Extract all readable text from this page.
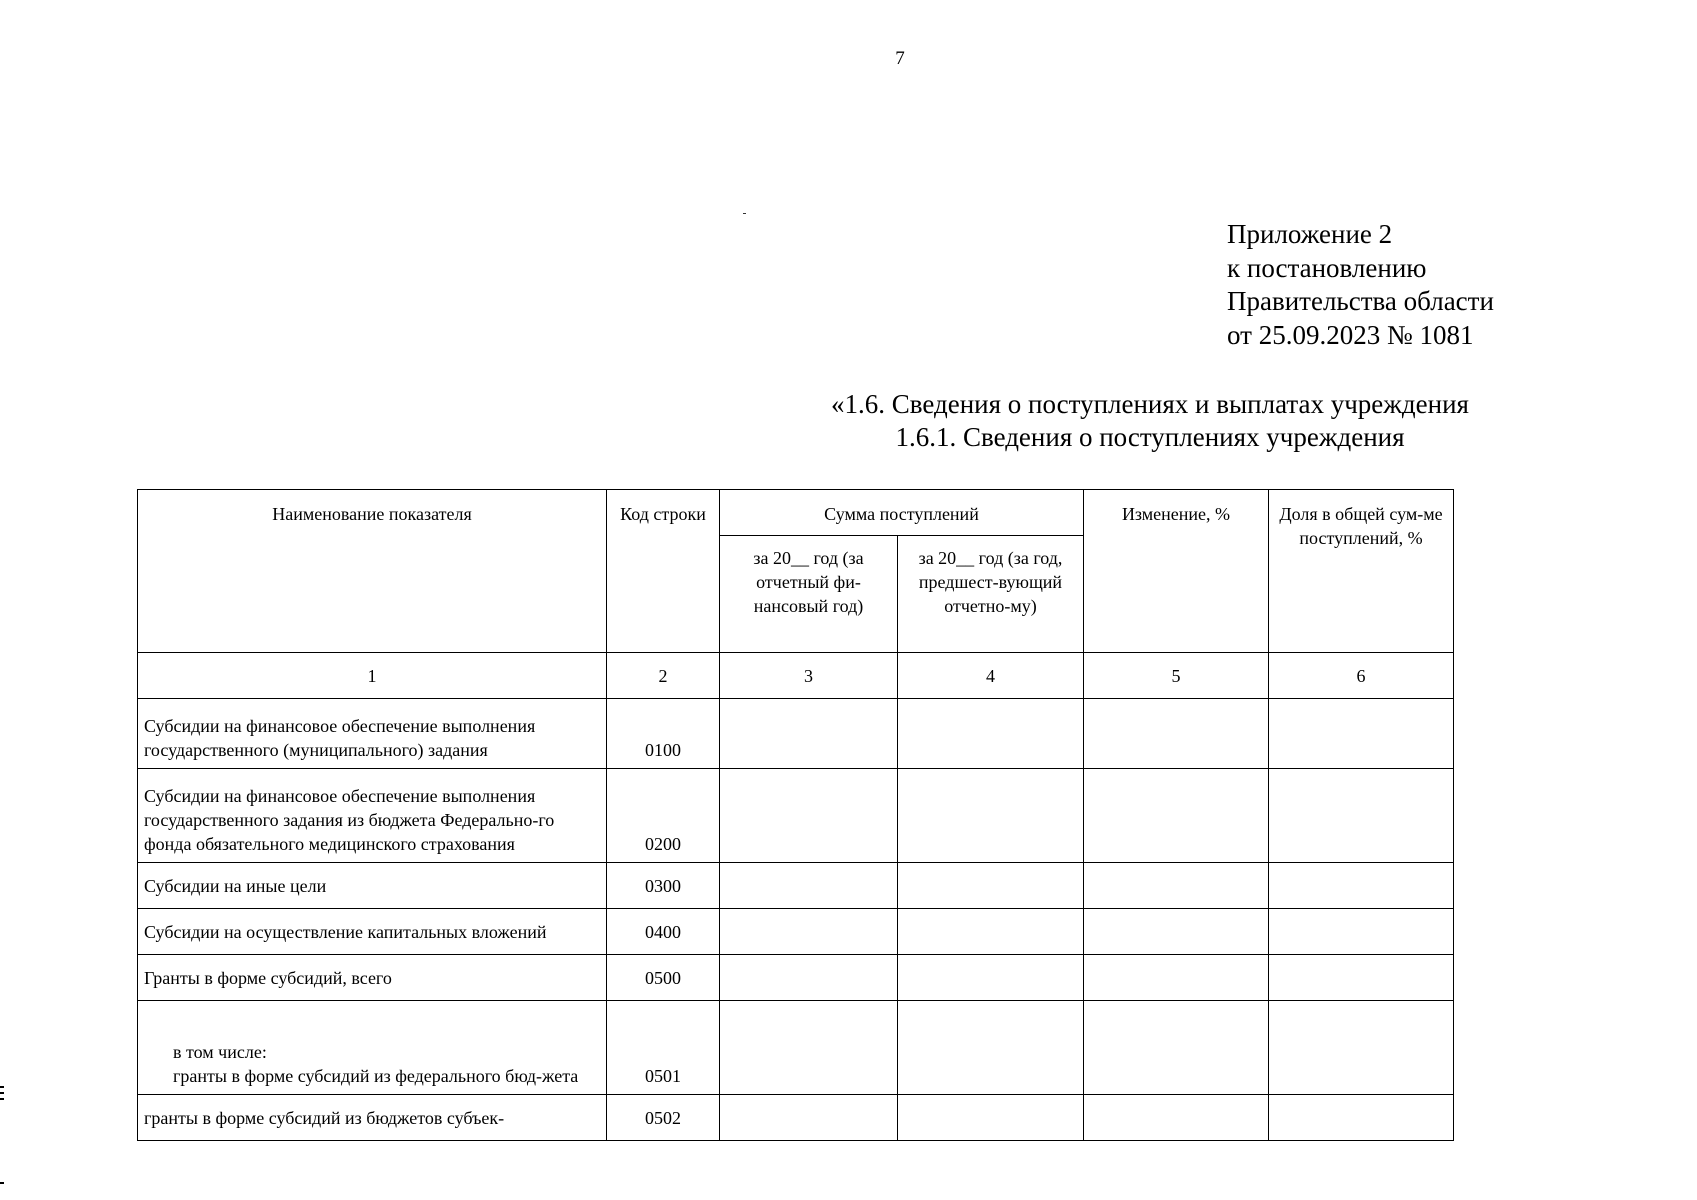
7
Приложение 2
к постановлению
Правительства области
от 25.09.2023 № 1081
«1.6. Сведения о поступлениях и выплатах учреждения
1.6.1. Сведения о поступлениях учреждения
Наименование показателя	Код строки	Сумма поступлений		Изменение, %	Доля в общей сум-ме поступлений, %
		за 20__ год (за отчетный фи-нансовый год)	за 20__ год (за год, предшест-вующий отчетно-му)		
1	2	3	4	5	6
Субсидии на финансовое обеспечение выполнения государственного (муниципального) задания	0100				
Субсидии на финансовое обеспечение выполнения государственного задания из бюджета Федерально-го фонда обязательного медицинского страхования	0200				
Субсидии на иные цели	0300				
Субсидии на осуществление капитальных вложений	0400				
Гранты в форме субсидий, всего	0500				

в том числе:
гранты в форме субсидий из федерального бюд-жета	0501				
гранты в форме субсидий из бюджетов субъек-	0502				
